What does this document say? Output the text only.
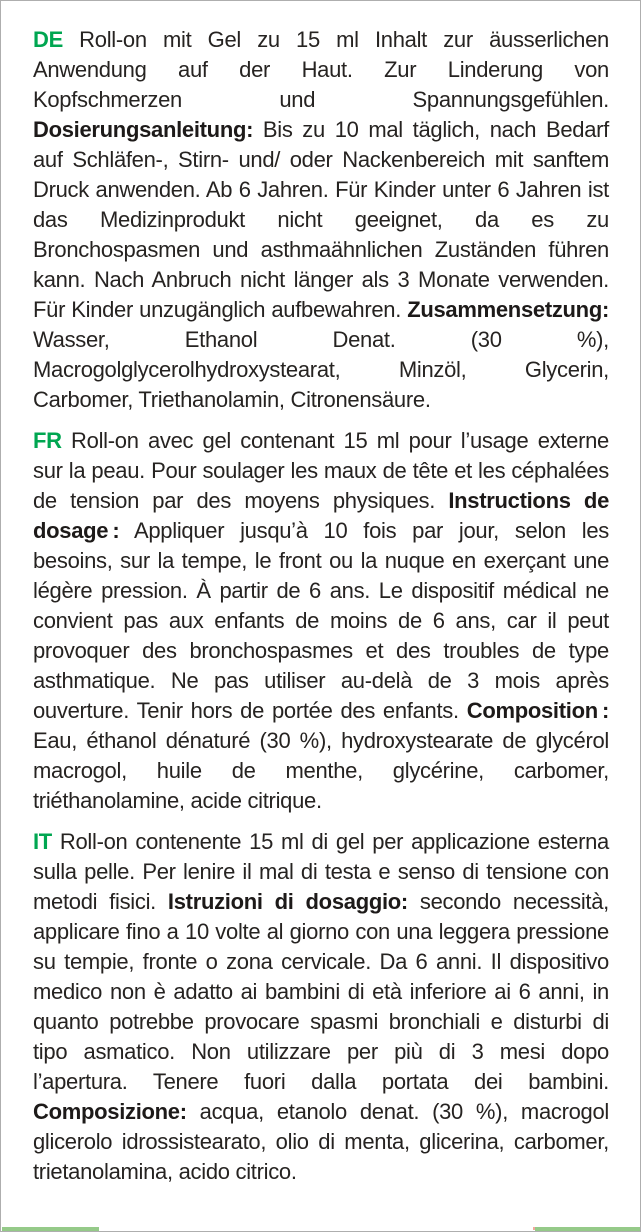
DE Roll-on mit Gel zu 15 ml Inhalt zur äusserlichen Anwendung auf der Haut. Zur Linderung von Kopfschmerzen und Spannungsgefühlen. Dosierungsanleitung: Bis zu 10 mal täglich, nach Bedarf auf Schläfen-, Stirn- und/ oder Nackenbereich mit sanftem Druck anwenden. Ab 6 Jahren. Für Kinder unter 6 Jahren ist das Medizinprodukt nicht geeignet, da es zu Bronchospasmen und asthmaähnlichen Zuständen führen kann. Nach Anbruch nicht länger als 3 Monate verwenden. Für Kinder unzugänglich aufbewahren. Zusammensetzung: Wasser, Ethanol Denat. (30 %), Macrogolglycerolhydroxystearat, Minzöl, Glycerin, Carbomer, Triethanolamin, Citronensäure.

FR Roll-on avec gel contenant 15 ml pour l’usage externe sur la peau. Pour soulager les maux de tête et les céphalées de tension par des moyens physiques. Instructions de dosage : Appliquer jusqu’à 10 fois par jour, selon les besoins, sur la tempe, le front ou la nuque en exerçant une légère pression. À partir de 6 ans. Le dispositif médical ne convient pas aux enfants de moins de 6 ans, car il peut provoquer des bronchospasmes et des troubles de type asthmatique. Ne pas utiliser au-delà de 3 mois après ouverture. Tenir hors de portée des enfants. Composition : Eau, éthanol dénaturé (30 %), hydroxystearate de glycérol macrogol, huile de menthe, glycérine, carbomer, triéthanolamine, acide citrique.

IT Roll-on contenente 15 ml di gel per applicazione esterna sulla pelle. Per lenire il mal di testa e senso di tensione con metodi fisici. Istruzioni di dosaggio: secondo necessità, applicare fino a 10 volte al giorno con una leggera pressione su tempie, fronte o zona cervicale. Da 6 anni. Il dispositivo medico non è adatto ai bambini di età inferiore ai 6 anni, in quanto potrebbe provocare spasmi bronchiali e disturbi di tipo asmatico. Non utilizzare per più di 3 mesi dopo l’apertura. Tenere fuori dalla portata dei bambini. Composizione: acqua, etanolo denat. (30 %), macrogol glicerolo idrossistearato, olio di menta, glicerina, carbomer, trietanolamina, acido citrico.
